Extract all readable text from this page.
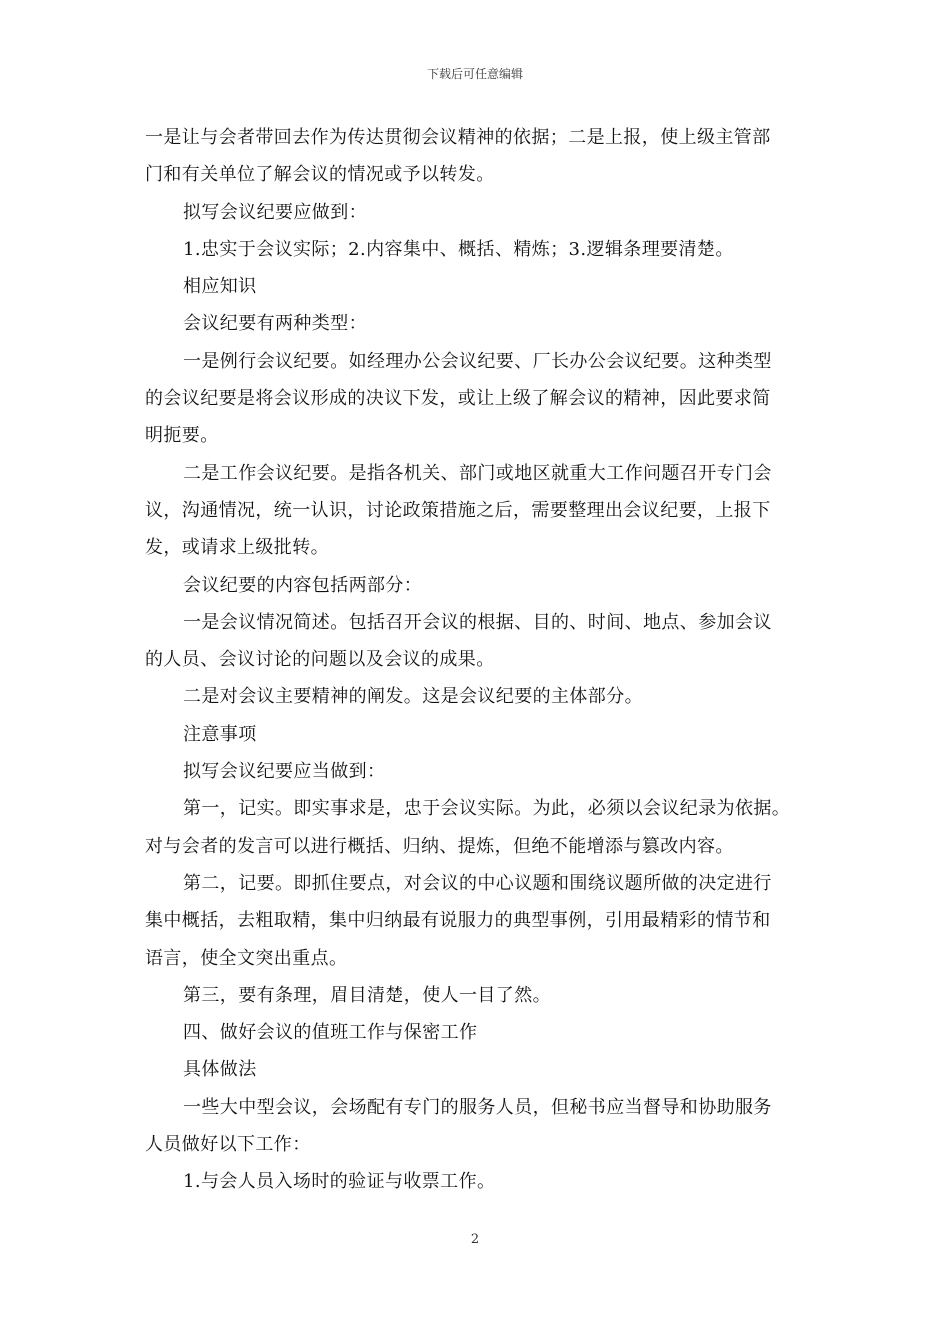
下载后可任意编辑

一是让与会者带回去作为传达贯彻会议精神的依据；二是上报，使上级主管部

门和有关单位了解会议的情况或予以转发。

拟写会议纪要应做到：

1.忠实于会议实际；2.内容集中、概括、精炼；3.逻辑条理要清楚。

相应知识

会议纪要有两种类型：

一是例行会议纪要。如经理办公会议纪要、厂长办公会议纪要。这种类型

的会议纪要是将会议形成的决议下发，或让上级了解会议的精神，因此要求简

明扼要。

二是工作会议纪要。是指各机关、部门或地区就重大工作问题召开专门会

议，沟通情况，统一认识，讨论政策措施之后，需要整理出会议纪要，上报下

发，或请求上级批转。

会议纪要的内容包括两部分：

一是会议情况简述。包括召开会议的根据、目的、时间、地点、参加会议

的人员、会议讨论的问题以及会议的成果。

二是对会议主要精神的阐发。这是会议纪要的主体部分。

注意事项

拟写会议纪要应当做到：

第一，记实。即实事求是，忠于会议实际。为此，必须以会议纪录为依据。

对与会者的发言可以进行概括、归纳、提炼，但绝不能增添与篡改内容。

第二，记要。即抓住要点，对会议的中心议题和围绕议题所做的决定进行

集中概括，去粗取精，集中归纳最有说服力的典型事例，引用最精彩的情节和

语言，使全文突出重点。

第三，要有条理，眉目清楚，使人一目了然。

四、做好会议的值班工作与保密工作

具体做法

一些大中型会议，会场配有专门的服务人员，但秘书应当督导和协助服务

人员做好以下工作：

1.与会人员入场时的验证与收票工作。

2
